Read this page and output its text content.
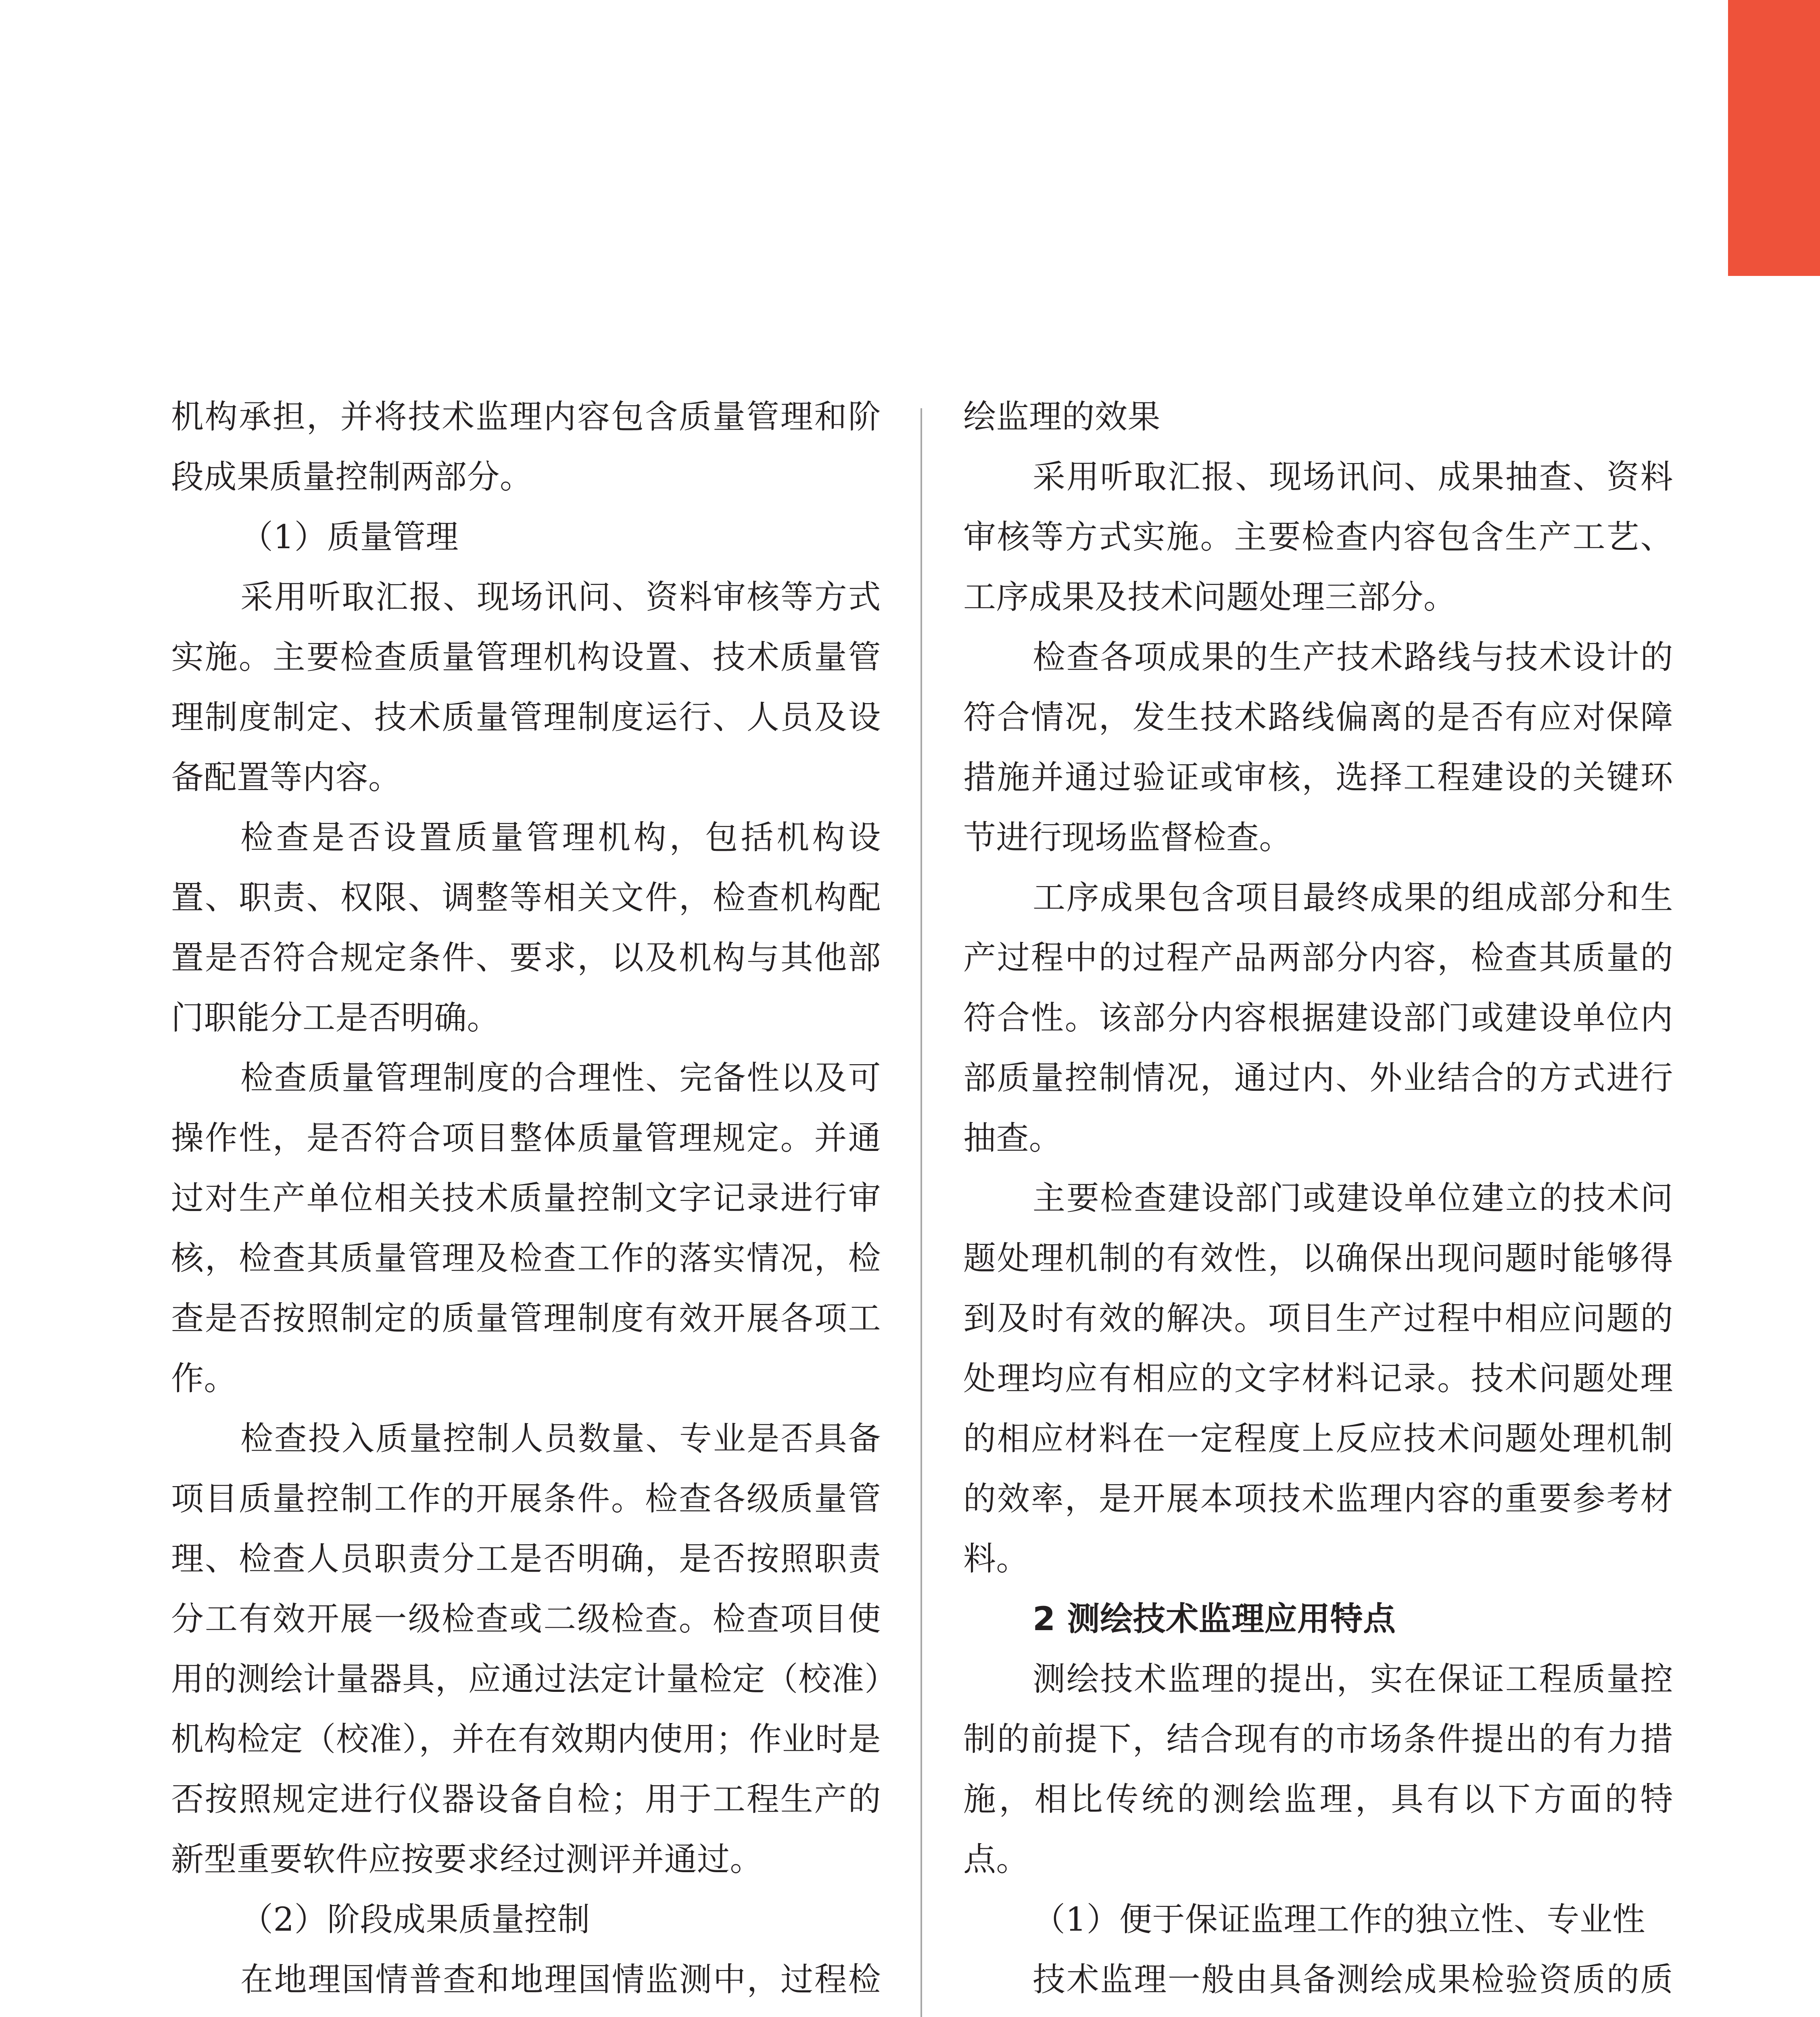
机构承担，并将技术监理内容包含质量管理和阶段成果质量控制两部分。

（1）质量管理

采用听取汇报、现场讯问、资料审核等方式实施。主要检查质量管理机构设置、技术质量管理制度制定、技术质量管理制度运行、人员及设备配置等内容。

检查是否设置质量管理机构，包括机构设置、职责、权限、调整等相关文件，检查机构配置是否符合规定条件、要求，以及机构与其他部门职能分工是否明确。

检查质量管理制度的合理性、完备性以及可操作性，是否符合项目整体质量管理规定。并通过对生产单位相关技术质量控制文字记录进行审核，检查其质量管理及检查工作的落实情况，检查是否按照制定的质量管理制度有效开展各项工作。

检查投入质量控制人员数量、专业是否具备项目质量控制工作的开展条件。检查各级质量管理、检查人员职责分工是否明确，是否按照职责分工有效开展一级检查或二级检查。检查项目使用的测绘计量器具，应通过法定计量检定（校准）机构检定（校准），并在有效期内使用；作业时是否按照规定进行仪器设备自检；用于工程生产的新型重要软件应按要求经过测评并通过。

（2）阶段成果质量控制

在地理国情普查和地理国情监测中，过程检

绘监理的效果

采用听取汇报、现场讯问、成果抽查、资料审核等方式实施。主要检查内容包含生产工艺、工序成果及技术问题处理三部分。

检查各项成果的生产技术路线与技术设计的符合情况，发生技术路线偏离的是否有应对保障措施并通过验证或审核，选择工程建设的关键环节进行现场监督检查。

工序成果包含项目最终成果的组成部分和生产过程中的过程产品两部分内容，检查其质量的符合性。该部分内容根据建设部门或建设单位内部质量控制情况，通过内、外业结合的方式进行抽查。

主要检查建设部门或建设单位建立的技术问题处理机制的有效性，以确保出现问题时能够得到及时有效的解决。项目生产过程中相应问题的处理均应有相应的文字材料记录。技术问题处理的相应材料在一定程度上反应技术问题处理机制的效率，是开展本项技术监理内容的重要参考材料。

2 测绘技术监理应用特点

测绘技术监理的提出，实在保证工程质量控制的前提下，结合现有的市场条件提出的有力措施，相比传统的测绘监理，具有以下方面的特点。

（1）便于保证监理工作的独立性、专业性

技术监理一般由具备测绘成果检验资质的质
